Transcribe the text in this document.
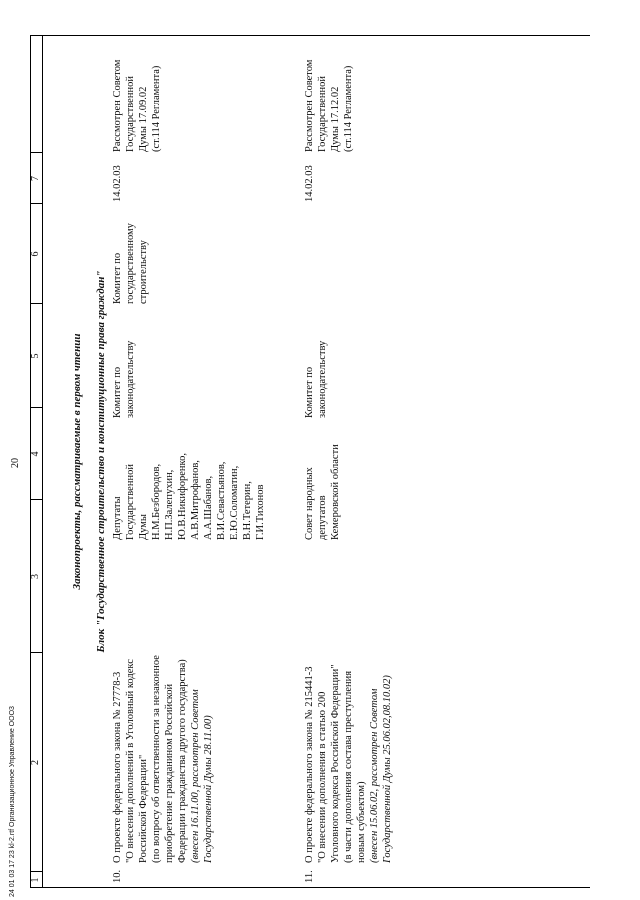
20
24 01 03 17 23 kl-2.rtf Организационное Управление ООО3 1
2
3
4
5
6
7
Законопроекты, рассматриваемые в первом чтении Блок "Государственное строительство и конституционные права граждан"
10.
О проекте федерального закона № 27778-3 "О внесении дополнений в Уголовный кодекс Российской Федерации" (по вопросу об ответственности за незаконное приобретение гражданином Российской Федерации гражданства другого государства) (внесен 16.11.00, рассмотрен Советом Государственной Думы 28.11.00)
Депутаты Государственной Думы Н.М.Безбородов, Н.П.Залепухин, Ю.В.Никифоренко, А.В.Митрофанов, А.А.Шабанов, В.И.Севастьянов, Е.Ю.Соломатин, В.Н.Тетерин, Г.И.Тихонов
Комитет по законодательству
Комитет по государственному строительству
14.02.03
Рассмотрен Советом Государственной Думы 17.09.02 (ст.114 Регламента)
11.
О проекте федерального закона № 215441-3 "О внесении дополнения в статью 200 Уголовного кодекса Российской Федерации" (в части дополнения состава преступления новым субъектом) (внесен 15.06.02, рассмотрен Советом Государственной Думы 25.06.02,08.10.02)
Совет народных депутатов Кемеровской области
Комитет по законодательству
14.02.03
Рассмотрен Советом Государственной Думы 17.12.02 (ст.114 Регламента)
